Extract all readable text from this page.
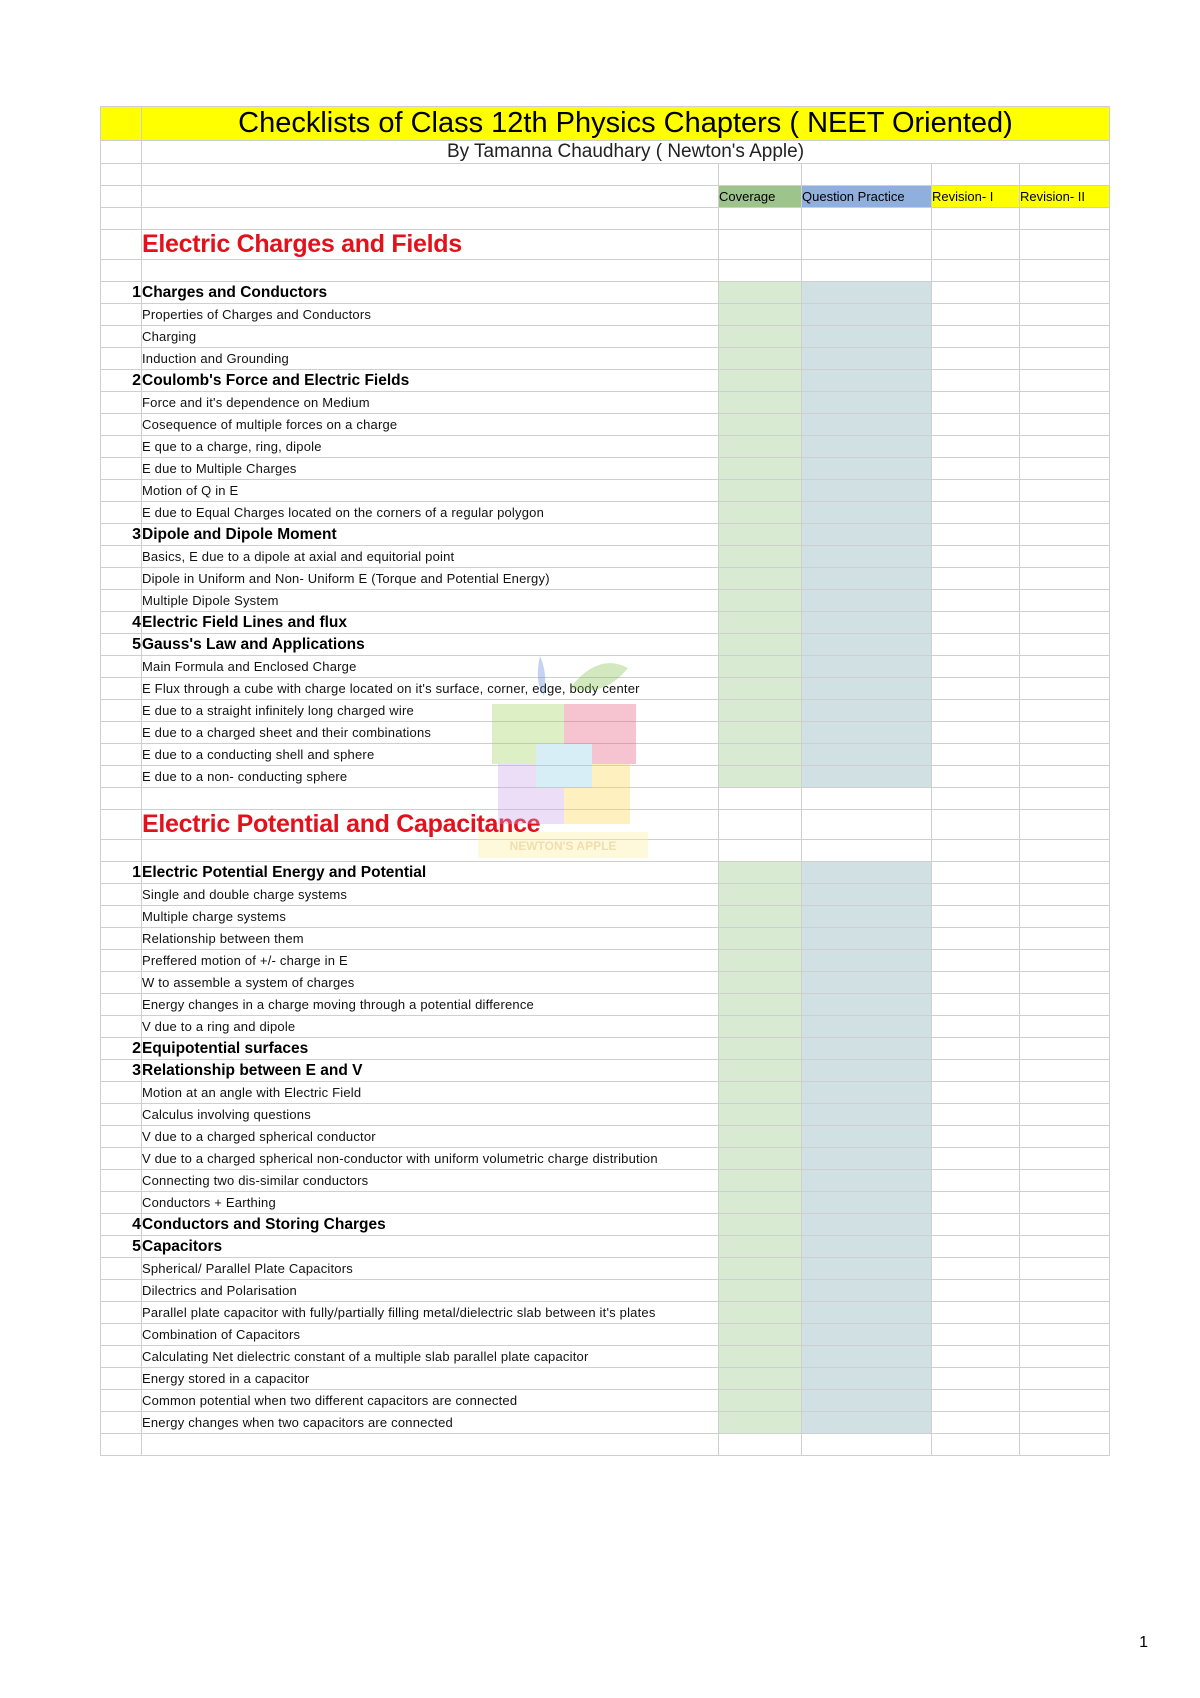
	Checklists of Class 12th Physics Chapters ( NEET Oriented)				
	By Tamanna Chaudhary ( Newton's Apple)				

		Coverage	Question Practice	Revision- I	Revision- II

	Electric Charges and Fields				

1	Charges and Conductors				
	Properties of Charges and Conductors				
	Charging				
	Induction and Grounding				
2	Coulomb's Force and Electric Fields				
	Force and it's dependence on Medium				
	Cosequence of multiple forces on a charge				
	E que to a charge, ring, dipole				
	E due to Multiple Charges				
	Motion of Q in E				
	E due to Equal Charges located on the corners of a regular polygon				
3	Dipole and Dipole Moment				
	Basics, E due to a dipole at axial and equitorial point				
	Dipole in Uniform and Non- Uniform E (Torque and Potential Energy)				
	Multiple Dipole System				
4	Electric Field Lines and flux				
5	Gauss's Law and Applications				
	Main Formula and Enclosed Charge				
	E Flux through a cube with charge located on it's surface, corner, edge, body center				
	E due to a straight infinitely long charged wire				
	E due to a charged sheet and their combinations				
	E due to a conducting shell and sphere				
	E due to a non- conducting sphere				

	Electric Potential and Capacitance				

1	Electric Potential Energy and Potential				
	Single and double charge systems				
	Multiple charge systems				
	Relationship between them				
	Preffered motion of +/- charge in E				
	W to assemble a system of charges				
	Energy changes in a charge moving through a potential difference				
	V due to a ring and dipole				
2	Equipotential surfaces				
3	Relationship between E and V				
	Motion at an angle with Electric Field				
	Calculus involving questions				
	V due to a charged spherical conductor				
	V due to a charged spherical non-conductor with uniform volumetric charge distribution				
	Connecting two dis-similar conductors				
	Conductors + Earthing				
4	Conductors and Storing Charges				
5	Capacitors				
	Spherical/ Parallel Plate Capacitors				
	Dilectrics and Polarisation				
	Parallel plate capacitor with fully/partially filling metal/dielectric slab between it's plates				
	Combination of Capacitors				
	Calculating Net dielectric constant of a multiple slab parallel plate capacitor				
	Energy stored in a capacitor				
	Common potential when two different capacitors are connected				
	Energy changes when two capacitors are connected				

NEWTON'S APPLE
1
